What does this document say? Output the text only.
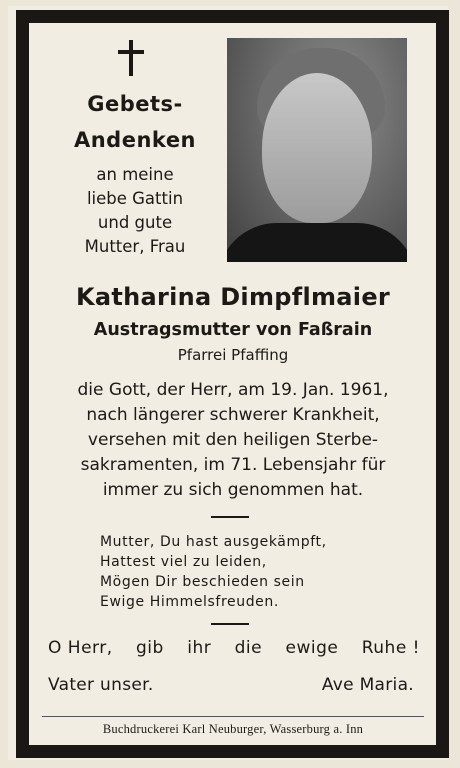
Gebets-
Andenken
an meine
liebe Gattin
und gute
Mutter, Frau
Katharina Dimpflmaier
Austragsmutter von Faßrain
Pfarrei Pfaffing
die Gott, der Herr, am 19. Jan. 1961,
nach längerer schwerer Krankheit,
versehen mit den heiligen Sterbe-
sakramenten, im 71. Lebensjahr für
immer zu sich genommen hat.
Mutter, Du hast ausgekämpft,
Hattest viel zu leiden,
Mögen Dir beschieden sein
Ewige Himmelsfreuden.
O Herr, gib ihr die ewige Ruhe !
Vater unser.	Ave Maria.
Buchdruckerei Karl Neuburger, Wasserburg a. Inn
